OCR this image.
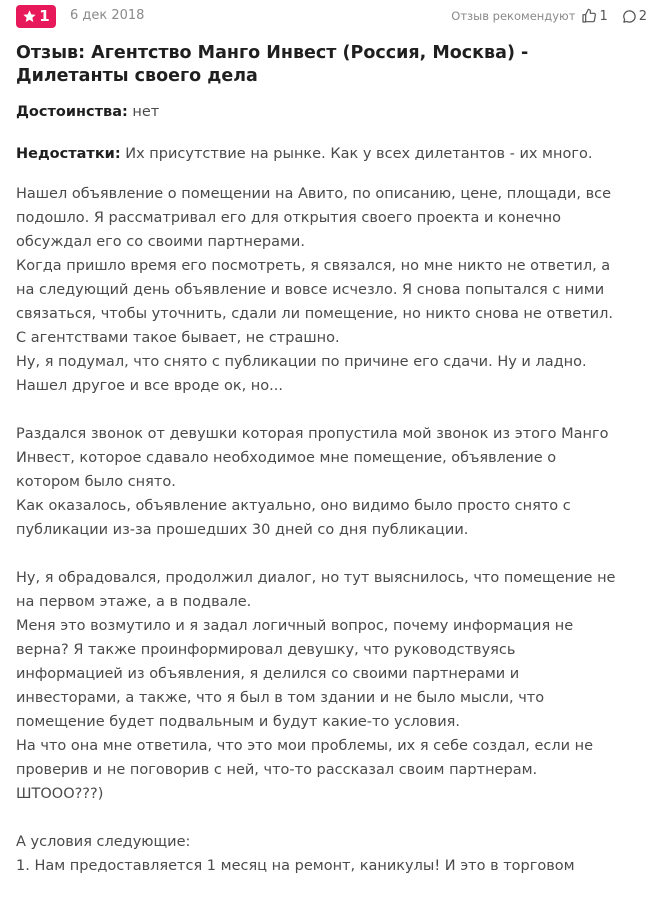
1 6 дек 2018	Отзыв рекомендуют 1 2
Отзыв: Агентство Манго Инвест (Россия, Москва) - Дилетанты своего дела
Достоинства: нет
Недостатки: Их присутствие на рынке. Как у всех дилетантов - их много.

Нашел объявление о помещении на Авито, по описанию, цене, площади, все подошло. Я рассматривал его для открытия своего проекта и конечно обсуждал его со своими партнерами.
Когда пришло время его посмотреть, я связался, но мне никто не ответил, а на следующий день объявление и вовсе исчезло. Я снова попытался с ними связаться, чтобы уточнить, сдали ли помещение, но никто снова не ответил. С агентствами такое бывает, не страшно.
Ну, я подумал, что снято с публикации по причине его сдачи. Ну и ладно. Нашел другое и все вроде ок, но...

Раздался звонок от девушки которая пропустила мой звонок из этого Манго Инвест, которое сдавало необходимое мне помещение, объявление о котором было снято.
Как оказалось, объявление актуально, оно видимо было просто снято с публикации из-за прошедших 30 дней со дня публикации.

Ну, я обрадовался, продолжил диалог, но тут выяснилось, что помещение не на первом этаже, а в подвале.
Меня это возмутило и я задал логичный вопрос, почему информация не верна? Я также проинформировал девушку, что руководствуясь информацией из объявления, я делился со своими партнерами и инвесторами, а также, что я был в том здании и не было мысли, что помещение будет подвальным и будут какие-то условия.
На что она мне ответила, что это мои проблемы, их я себе создал, если не проверив и не поговорив с ней, что-то рассказал своим партнерам. ШТООО???)

А условия следующие:
1. Нам предоставляется 1 месяц на ремонт, каникулы! И это в торговом
